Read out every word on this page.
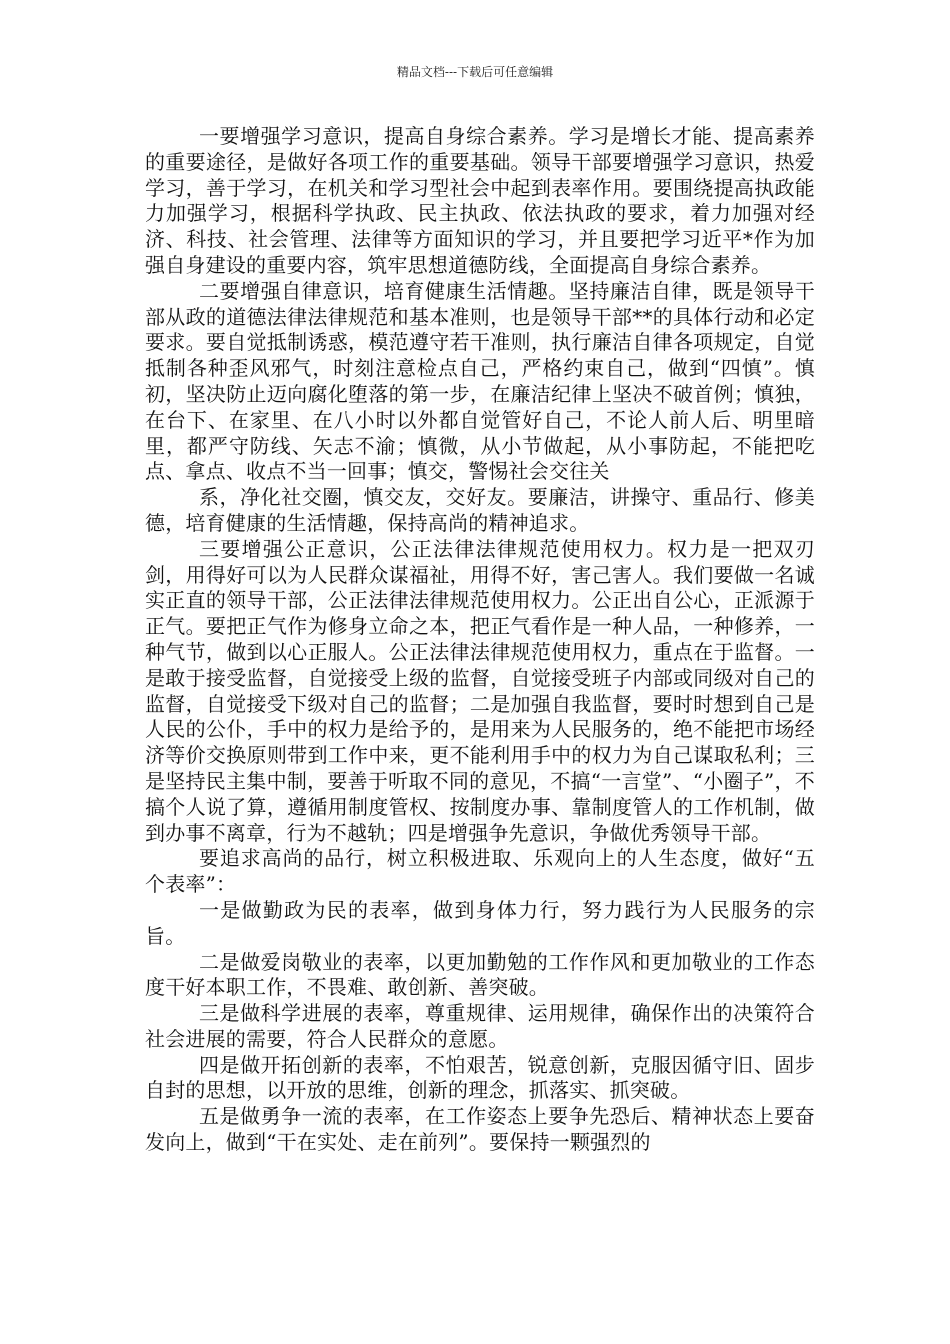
精品文档---下载后可任意编辑

一要增强学习意识，提高自身综合素养。学习是增长才能、提高素养的重要途径，是做好各项工作的重要基础。领导干部要增强学习意识，热爱学习，善于学习，在机关和学习型社会中起到表率作用。要围绕提高执政能力加强学习，根据科学执政、民主执政、依法执政的要求，着力加强对经济、科技、社会管理、法律等方面知识的学习，并且要把学习近平*作为加强自身建设的重要内容，筑牢思想道德防线，全面提高自身综合素养。

二要增强自律意识，培育健康生活情趣。坚持廉洁自律，既是领导干部从政的道德法律法律规范和基本准则，也是领导干部**的具体行动和必定要求。要自觉抵制诱惑，模范遵守若干准则，执行廉洁自律各项规定，自觉抵制各种歪风邪气，时刻注意检点自己，严格约束自己，做到“四慎”。慎初，坚决防止迈向腐化堕落的第一步，在廉洁纪律上坚决不破首例；慎独，在台下、在家里、在八小时以外都自觉管好自己，不论人前人后、明里暗里，都严守防线、矢志不渝；慎微，从小节做起，从小事防起，不能把吃点、拿点、收点不当一回事；慎交，警惕社会交往关

系，净化社交圈，慎交友，交好友。要廉洁，讲操守、重品行、修美德，培育健康的生活情趣，保持高尚的精神追求。

三要增强公正意识，公正法律法律规范使用权力。权力是一把双刃剑，用得好可以为人民群众谋福祉，用得不好，害己害人。我们要做一名诚实正直的领导干部，公正法律法律规范使用权力。公正出自公心，正派源于正气。要把正气作为修身立命之本，把正气看作是一种人品，一种修养，一种气节，做到以心正服人。公正法律法律规范使用权力，重点在于监督。一是敢于接受监督，自觉接受上级的监督，自觉接受班子内部或同级对自己的监督，自觉接受下级对自己的监督；二是加强自我监督，要时时想到自己是人民的公仆，手中的权力是给予的，是用来为人民服务的，绝不能把市场经济等价交换原则带到工作中来，更不能利用手中的权力为自己谋取私利；三是坚持民主集中制，要善于听取不同的意见，不搞“一言堂”、“小圈子”，不搞个人说了算，遵循用制度管权、按制度办事、靠制度管人的工作机制，做到办事不离章，行为不越轨；四是增强争先意识，争做优秀领导干部。

要追求高尚的品行，树立积极进取、乐观向上的人生态度，做好“五个表率”：

一是做勤政为民的表率，做到身体力行，努力践行为人民服务的宗旨。

二是做爱岗敬业的表率，以更加勤勉的工作作风和更加敬业的工作态度干好本职工作，不畏难、敢创新、善突破。

三是做科学进展的表率，尊重规律、运用规律，确保作出的决策符合社会进展的需要，符合人民群众的意愿。

四是做开拓创新的表率，不怕艰苦，锐意创新，克服因循守旧、固步自封的思想，以开放的思维，创新的理念，抓落实、抓突破。

五是做勇争一流的表率，在工作姿态上要争先恐后、精神状态上要奋发向上，做到“干在实处、走在前列”。要保持一颗强烈的
